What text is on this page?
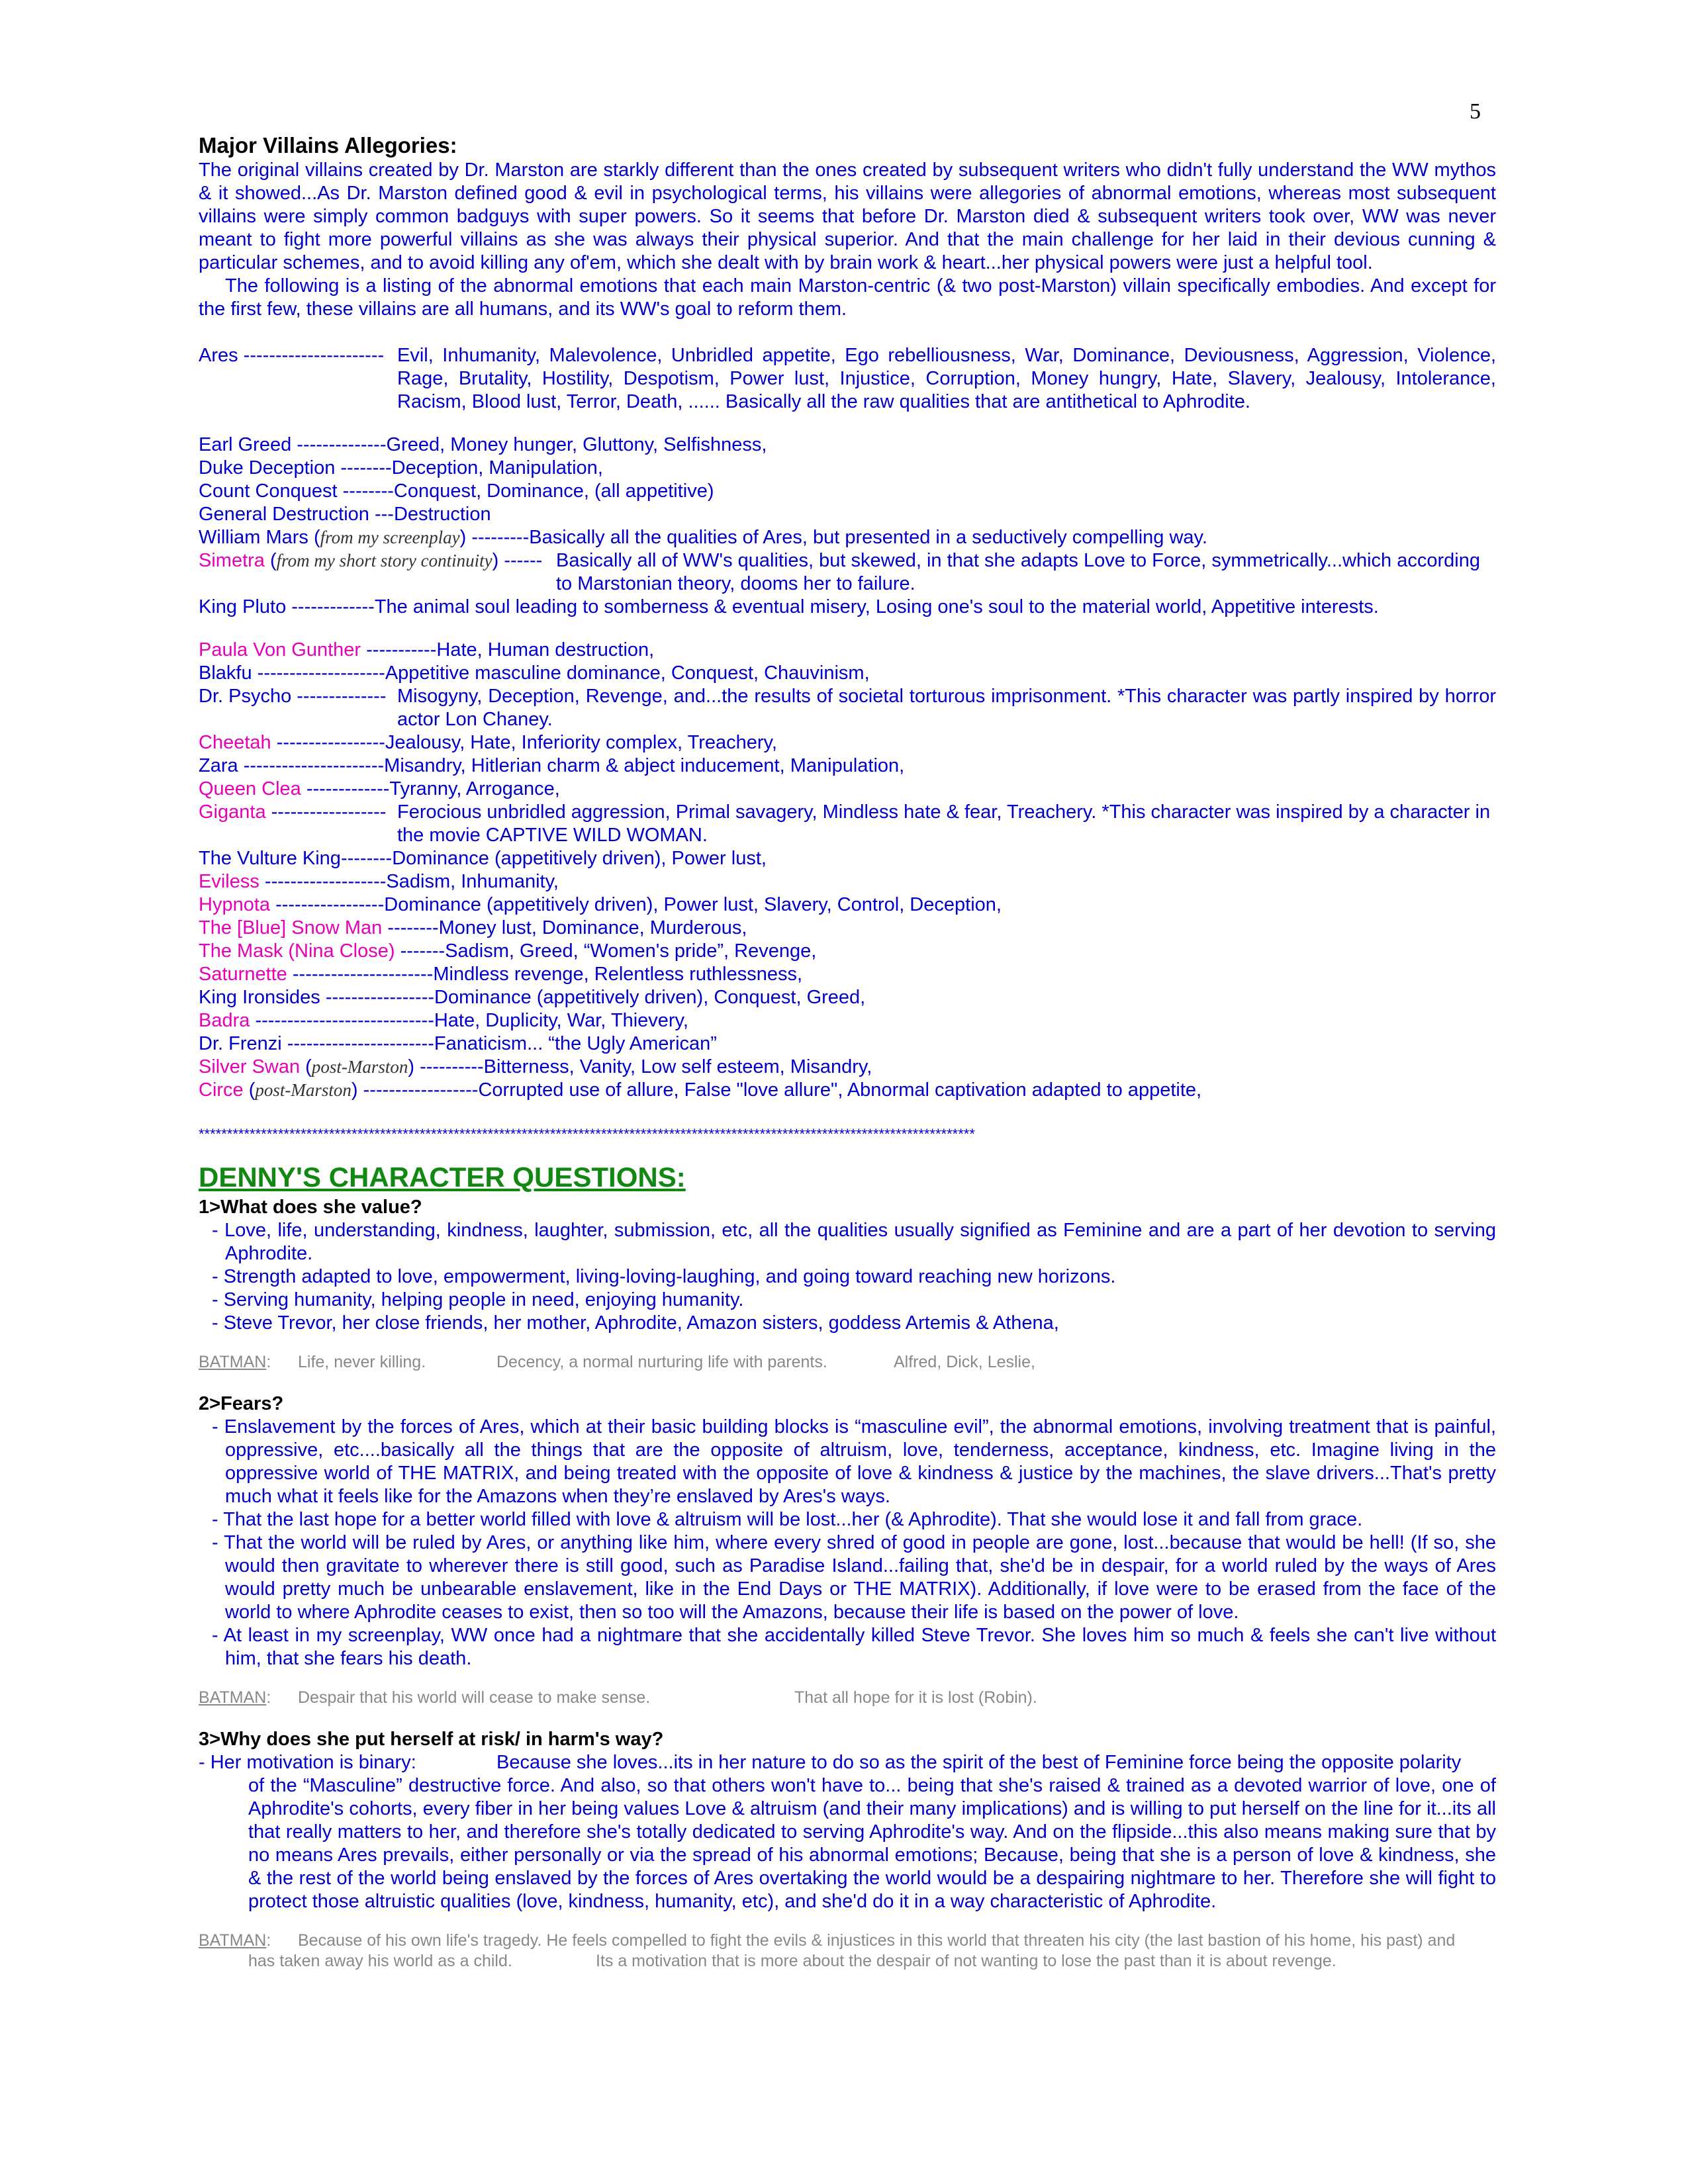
5
Major Villains Allegories:
The original villains created by Dr. Marston are starkly different than the ones created by subsequent writers who didn't fully understand the WW mythos & it showed...As Dr. Marston defined good & evil in psychological terms, his villains were allegories of abnormal emotions, whereas most subsequent villains were simply common badguys with super powers. So it seems that before Dr. Marston died & subsequent writers took over, WW was never meant to fight more powerful villains as she was always their physical superior. And that the main challenge for her laid in their devious cunning & particular schemes, and to avoid killing any of'em, which she dealt with by brain work & heart...her physical powers were just a helpful tool.
The following is a listing of the abnormal emotions that each main Marston-centric (& two post-Marston) villain specifically embodies. And except for the first few, these villains are all humans, and its WW's goal to reform them.
Ares ---------------------- Evil, Inhumanity, Malevolence, Unbridled appetite, Ego rebelliousness, War, Dominance, Deviousness, Aggression, Violence, Rage, Brutality, Hostility, Despotism, Power lust, Injustice, Corruption, Money hungry, Hate, Slavery, Jealousy, Intolerance, Racism, Blood lust, Terror, Death, ...... Basically all the raw qualities that are antithetical to Aphrodite.
Earl Greed --------------Greed, Money hunger, Gluttony, Selfishness,
Duke Deception --------Deception, Manipulation,
Count Conquest --------Conquest, Dominance, (all appetitive)
General Destruction ---Destruction
William Mars (from my screenplay) ---------Basically all the qualities of Ares, but presented in a seductively compelling way.
Simetra (from my short story continuity) ------ Basically all of WW's qualities, but skewed, in that she adapts Love to Force, symmetrically...which according to Marstonian theory, dooms her to failure.
King Pluto -------------The animal soul leading to somberness & eventual misery, Losing one's soul to the material world, Appetitive interests.
Paula Von Gunther -----------Hate, Human destruction,
Blakfu --------------------Appetitive masculine dominance, Conquest, Chauvinism,
Dr. Psycho -------------- Misogyny, Deception, Revenge, and...the results of societal torturous imprisonment. *This character was partly inspired by horror actor Lon Chaney.
Cheetah -----------------Jealousy, Hate, Inferiority complex, Treachery,
Zara ----------------------Misandry, Hitlerian charm & abject inducement, Manipulation,
Queen Clea -------------Tyranny, Arrogance,
Giganta ------------------ Ferocious unbridled aggression, Primal savagery, Mindless hate & fear, Treachery. *This character was inspired by a character in the movie CAPTIVE WILD WOMAN.
The Vulture King--------Dominance (appetitively driven), Power lust,
Eviless -------------------Sadism, Inhumanity,
Hypnota -----------------Dominance (appetitively driven), Power lust, Slavery, Control, Deception,
The [Blue] Snow Man --------Money lust, Dominance, Murderous,
The Mask (Nina Close) -------Sadism, Greed, “Women's pride”, Revenge,
Saturnette ----------------------Mindless revenge, Relentless ruthlessness,
King Ironsides -----------------Dominance (appetitively driven), Conquest, Greed,
Badra ----------------------------Hate, Duplicity, War, Thievery,
Dr. Frenzi -----------------------Fanaticism... “the Ugly American”
Silver Swan (post-Marston) ----------Bitterness, Vanity, Low self esteem, Misandry,
Circe (post-Marston) ------------------Corrupted use of allure, False "love allure", Abnormal captivation adapted to appetite,
*****************************************************************************************************************************************
DENNY'S CHARACTER QUESTIONS:
1>What does she value?
- Love, life, understanding, kindness, laughter, submission, etc, all the qualities usually signified as Feminine and are a part of her devotion to serving Aphrodite.
- Strength adapted to love, empowerment, living-loving-laughing, and going toward reaching new horizons.
- Serving humanity, helping people in need, enjoying humanity.
- Steve Trevor, her close friends, her mother, Aphrodite, Amazon sisters, goddess Artemis & Athena,
BATMAN:	Life, never killing.	Decency, a normal nurturing life with parents.	Alfred, Dick, Leslie,
2>Fears?
- Enslavement by the forces of Ares, which at their basic building blocks is “masculine evil”, the abnormal emotions, involving treatment that is painful, oppressive, etc....basically all the things that are the opposite of altruism, love, tenderness, acceptance, kindness, etc. Imagine living in the oppressive world of THE MATRIX, and being treated with the opposite of love & kindness & justice by the machines, the slave drivers...That's pretty much what it feels like for the Amazons when they’re enslaved by Ares's ways.
- That the last hope for a better world filled with love & altruism will be lost...her (& Aphrodite). That she would lose it and fall from grace.
- That the world will be ruled by Ares, or anything like him, where every shred of good in people are gone, lost...because that would be hell! (If so, she would then gravitate to wherever there is still good, such as Paradise Island...failing that, she'd be in despair, for a world ruled by the ways of Ares would pretty much be unbearable enslavement, like in the End Days or THE MATRIX). Additionally, if love were to be erased from the face of the world to where Aphrodite ceases to exist, then so too will the Amazons, because their life is based on the power of love.
- At least in my screenplay, WW once had a nightmare that she accidentally killed Steve Trevor. She loves him so much & feels she can't live without him, that she fears his death.
BATMAN:	Despair that his world will cease to make sense.	That all hope for it is lost (Robin).
3>Why does she put herself at risk/ in harm's way?
- Her motivation is binary:	Because she loves...its in her nature to do so as the spirit of the best of Feminine force being the opposite polarity
of the “Masculine” destructive force. And also, so that others won't have to... being that she's raised & trained as a devoted warrior of love, one of Aphrodite's cohorts, every fiber in her being values Love & altruism (and their many implications) and is willing to put herself on the line for it...its all that really matters to her, and therefore she's totally dedicated to serving Aphrodite's way. And on the flipside...this also means making sure that by no means Ares prevails, either personally or via the spread of his abnormal emotions; Because, being that she is a person of love & kindness, she & the rest of the world being enslaved by the forces of Ares overtaking the world would be a despairing nightmare to her. Therefore she will fight to protect those altruistic qualities (love, kindness, humanity, etc), and she'd do it in a way characteristic of Aphrodite.
BATMAN:	Because of his own life's tragedy. He feels compelled to fight the evils & injustices in this world that threaten his city (the last bastion of his home, his past) and
has taken away his world as a child.	Its a motivation that is more about the despair of not wanting to lose the past than it is about revenge.
